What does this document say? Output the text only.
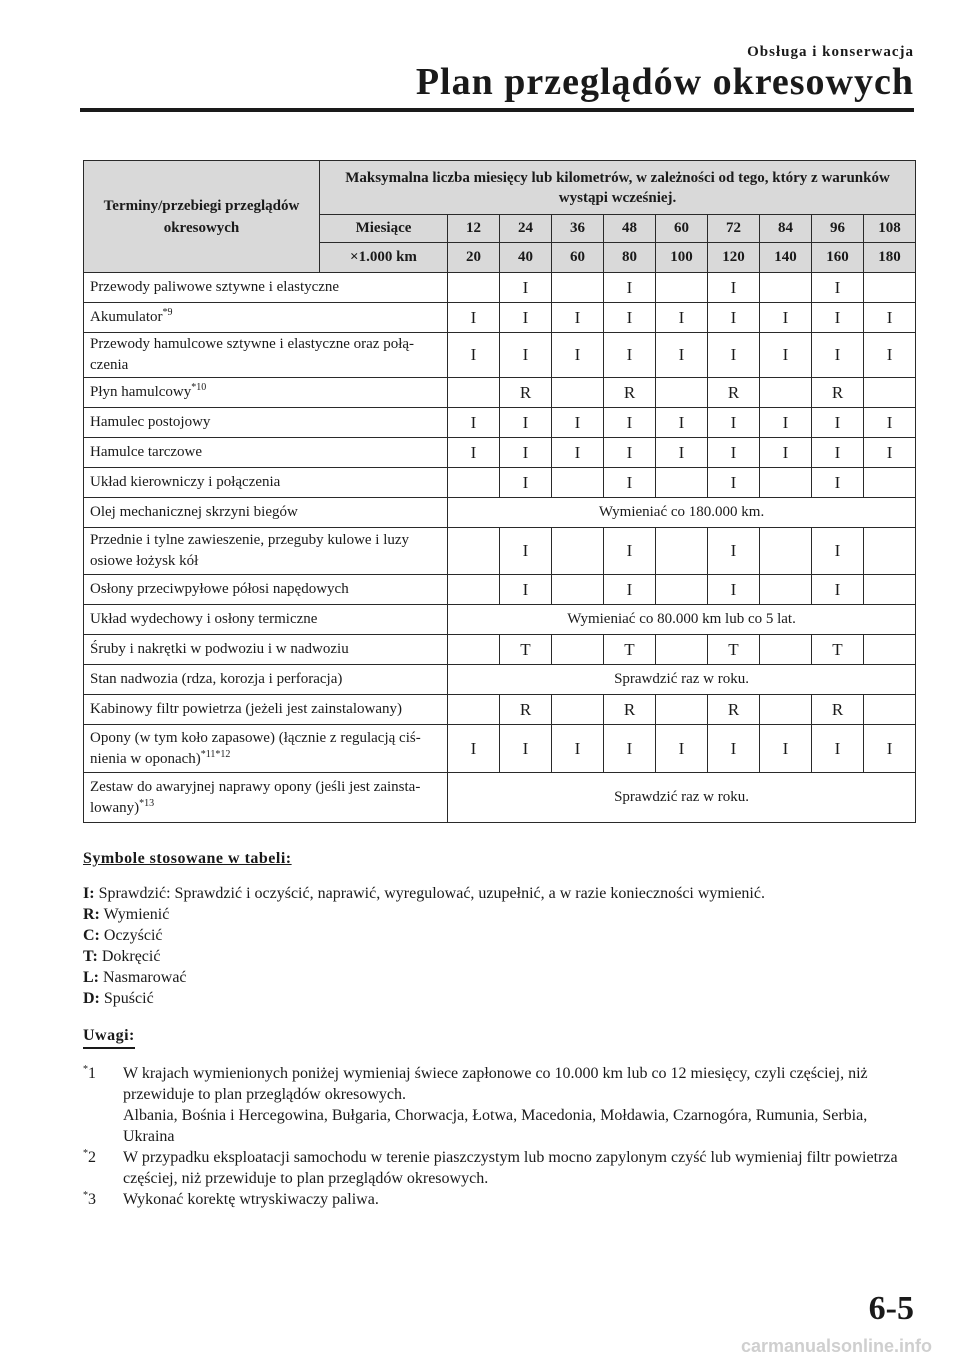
Obsługa i konserwacja
Plan przeglądów okresowych
Terminy/przebiegi przeglądów okresowych	Maksymalna liczba miesięcy lub kilometrów, w zależności od tego, który z warunków wystąpi wcześniej.									
	Miesiące	12	24	36	48	60	72	84	96	108
	×1.000 km	20	40	60	80	100	120	140	160	180
Przewody paliwowe sztywne i elastyczne			I		I		I		I	
Akumulator$^{*9}$		I	I	I	I	I	I	I	I	I
Przewody hamulcowe sztywne i elastyczne oraz połą-
czenia		I	I	I	I	I	I	I	I	I
Płyn hamulcowy$^{*10}$			R		R		R		R	
Hamulec postojowy		I	I	I	I	I	I	I	I	I
Hamulce tarczowe		I	I	I	I	I	I	I	I	I
Układ kierowniczy i połączenia			I		I		I		I	
Olej mechanicznej skrzyni biegów		Wymieniać co 180.000 km.								
Przednie i tylne zawieszenie, przeguby kulowe i luzy
osiowe łożysk kół			I		I		I		I	
Osłony przeciwpyłowe półosi napędowych			I		I		I		I	
Układ wydechowy i osłony termiczne		Wymieniać co 80.000 km lub co 5 lat.								
Śruby i nakrętki w podwoziu i w nadwoziu			T		T		T		T	
Stan nadwozia (rdza, korozja i perforacja)		Sprawdzić raz w roku.								
Kabinowy filtr powietrza (jeżeli jest zainstalowany)			R		R		R		R	
Opony (w tym koło zapasowe) (łącznie z regulacją ciś-
nienia w oponach)$^{*11*12}$		I	I	I	I	I	I	I	I	I
Zestaw do awaryjnej naprawy opony (jeśli jest zainsta-
lowany)$^{*13}$		Sprawdzić raz w roku.								
Symbole stosowane w tabeli:

I: Sprawdzić: Sprawdzić i oczyścić, naprawić, wyregulować, uzupełnić, a w razie konieczności wymienić.

R: Wymienić

C: Oczyścić

T: Dokręcić

L: Nasmarować

D: Spuścić

Uwagi:
*1 W krajach wymienionych poniżej wymieniaj świece zapłonowe co 10.000 km lub co 12 miesięcy, czyli częściej, niż przewiduje to plan przeglądów okresowych.
Albania, Bośnia i Hercegowina, Bułgaria, Chorwacja, Łotwa, Macedonia, Mołdawia, Czarnogóra, Rumunia, Serbia, Ukraina
*2 W przypadku eksploatacji samochodu w terenie piaszczystym lub mocno zapylonym czyść lub wymieniaj filtr powietrza częściej, niż przewiduje to plan przeglądów okresowych.
*3 Wykonać korektę wtryskiwaczy paliwa.
6-5
carmanualsonline.info
